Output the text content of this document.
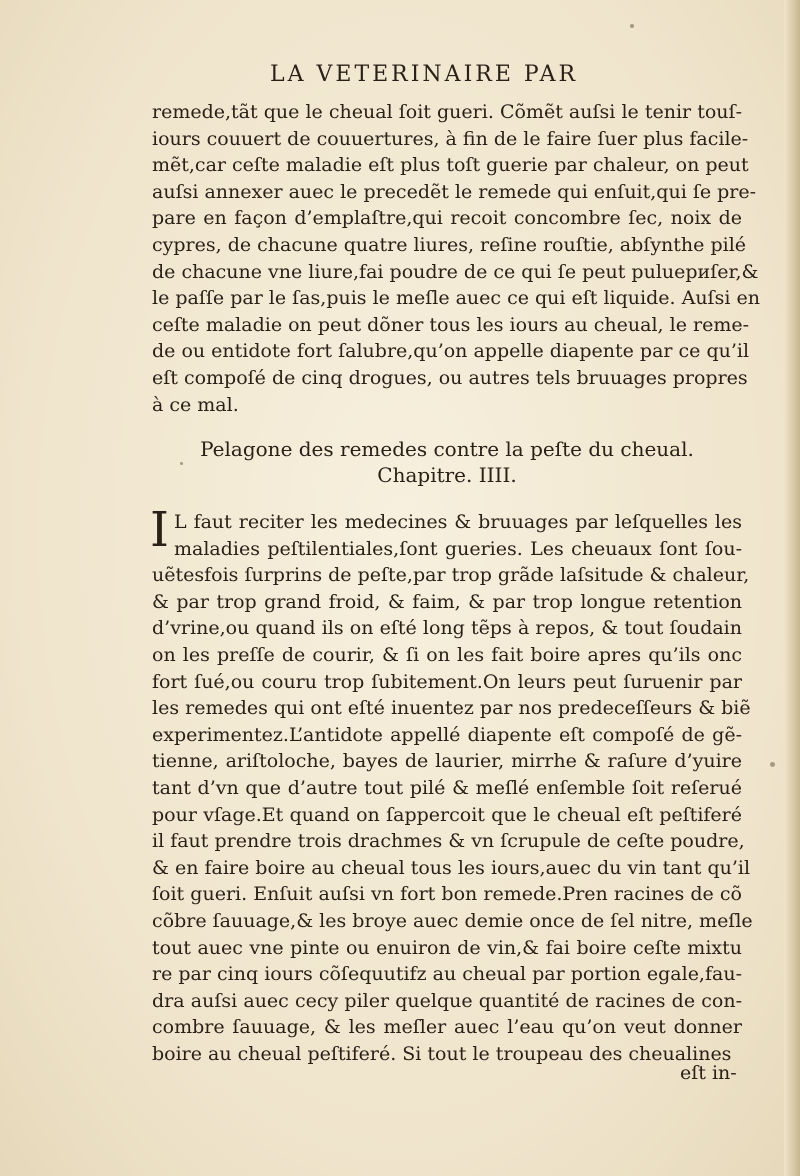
LA VETERINAIRE PAR
remede,tãt que le cheual ſoit gueri. Cõmẽt auſsi le tenir touſ-
iours couuert de couuertures, à fin de le faire ſuer plus facile-
mẽt,car ceſte maladie eſt plus toſt guerie par chaleur, on peut
auſsi annexer auec le precedẽt le remede qui enſuit,qui ſe pre-
pare en façon d’emplaſtre,qui recoit concombre ſec, noix de
cypres, de chacune quatre liures, reſine rouſtie, abſynthe pilé
de chacune vne liure,fai poudre de ce qui ſe peut puluериſer,&
le paſſe par le ſas,puis le meſle auec ce qui eſt liquide. Auſsi en
ceſte maladie on peut dõner tous les iours au cheual, le reme-
de ou entidote fort ſalubre,qu’on appelle diapente par ce qu’il
eſt compoſé de cinq drogues, ou autres tels bruuages propres
à ce mal.
Pelagone des remedes contre la peſte du cheual.
Chapitre. IIII.
I L faut reciter les medecines & bruuages par leſquelles les
maladies peſtilentiales,ſont gueries. Les cheuaux ſont ſou-
uẽtesfois ſurprins de peſte,par trop grãde laſsitude & chaleur,
& par trop grand froid, & faim, & par trop longue retention
d’vrine,ou quand ils on eſté long tẽps à repos, & tout ſoudain
on les preſſe de courir, & ſi on les fait boire apres qu’ils onc
fort ſué,ou couru trop ſubitement.On leurs peut ſuruenir par
les remedes qui ont eſté inuentez par nos predeceſſeurs & biẽ
experimentez.L’antidote appellé diapente eſt compoſé de gẽ-
tienne, ariſtoloche, bayes de laurier, mirrhe & raſure d’yuire
tant d’vn que d’autre tout pilé & meſlé enſemble ſoit reſerué
pour vſage.Et quand on ſappercoit que le cheual eſt peſtiferé
il faut prendre trois drachmes & vn ſcrupule de ceſte poudre,
& en faire boire au cheual tous les iours,auec du vin tant qu’il
ſoit gueri. Enſuit auſsi vn fort bon remede.Pren racines de cõ
cõbre ſauuage,& les broye auec demie once de ſel nitre, meſle
tout auec vne pinte ou enuiron de vin,& fai boire ceſte mixtu
re par cinq iours cõſequutifz au cheual par portion egale,fau-
dra auſsi auec cecy piler quelque quantité de racines de con-
combre ſauuage, & les meſler auec l’eau qu’on veut donner
boire au cheual peſtiferé. Si tout le troupeau des cheualines
eſt in-
